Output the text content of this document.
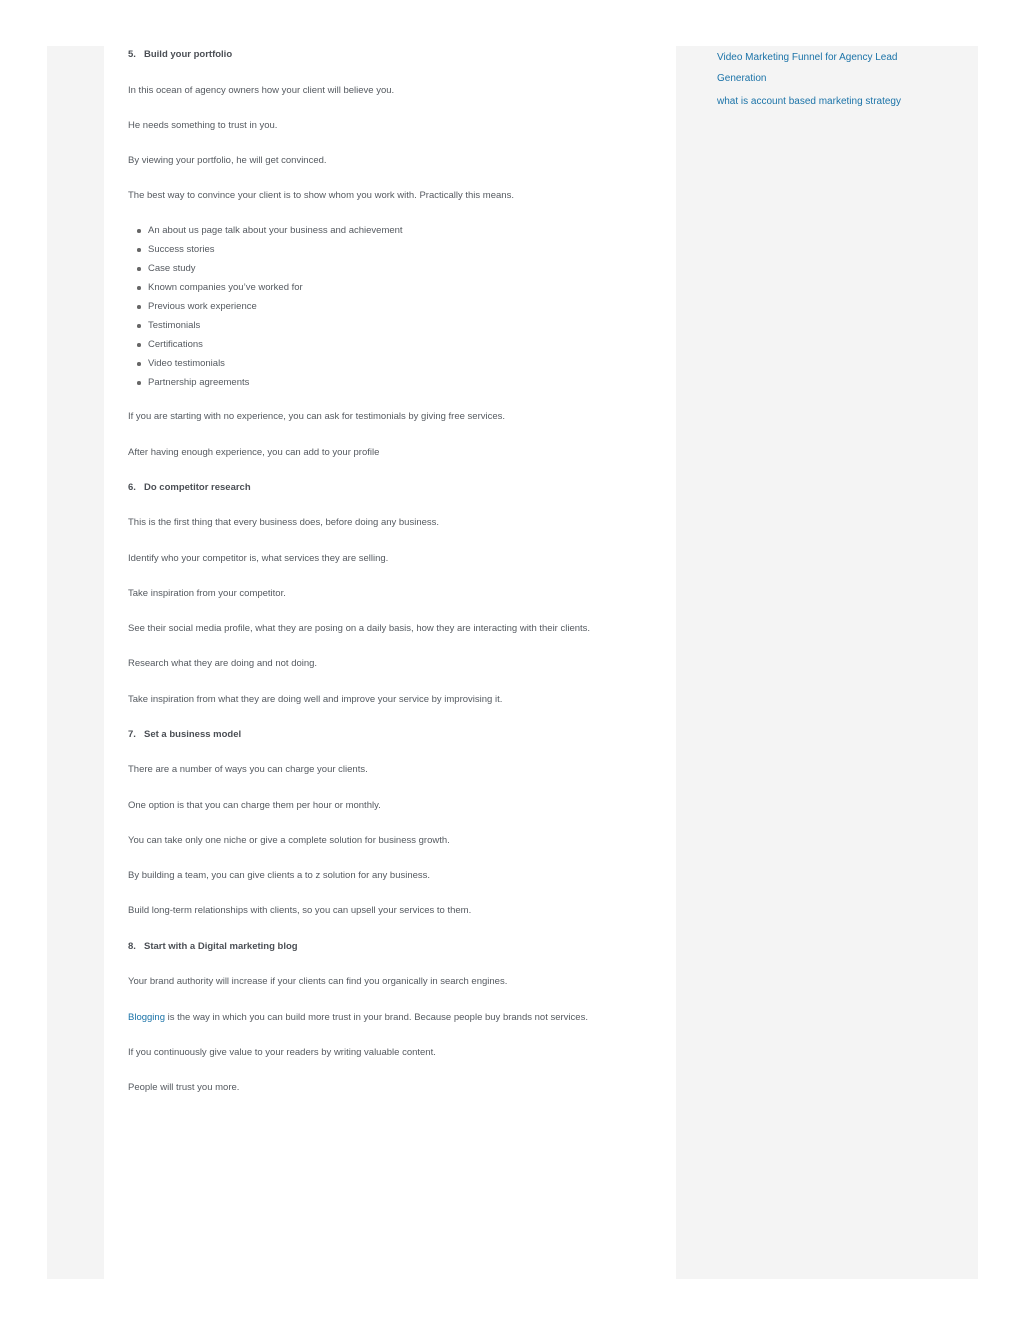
Video Marketing Funnel for Agency Lead Generation
what is account based marketing strategy
5. Build your portfolio
In this ocean of agency owners how your client will believe you.
He needs something to trust in you.
By viewing your portfolio, he will get convinced.
The best way to convince your client is to show whom you work with. Practically this means.
An about us page talk about your business and achievement
Success stories
Case study
Known companies you’ve worked for
Previous work experience
Testimonials
Certifications
Video testimonials
Partnership agreements
If you are starting with no experience, you can ask for testimonials by giving free services.
After having enough experience, you can add to your profile
6. Do competitor research
This is the first thing that every business does, before doing any business.
Identify who your competitor is, what services they are selling.
Take inspiration from your competitor.
See their social media profile, what they are posing on a daily basis, how they are interacting with their clients.
Research what they are doing and not doing.
Take inspiration from what they are doing well and improve your service by improvising it.
7. Set a business model
There are a number of ways you can charge your clients.
One option is that you can charge them per hour or monthly.
You can take only one niche or give a complete solution for business growth.
By building a team, you can give clients a to z solution for any business.
Build long-term relationships with clients, so you can upsell your services to them.
8. Start with a Digital marketing blog
Your brand authority will increase if your clients can find you organically in search engines.
Blogging is the way in which you can build more trust in your brand. Because people buy brands not services.
If you continuously give value to your readers by writing valuable content.
People will trust you more.
